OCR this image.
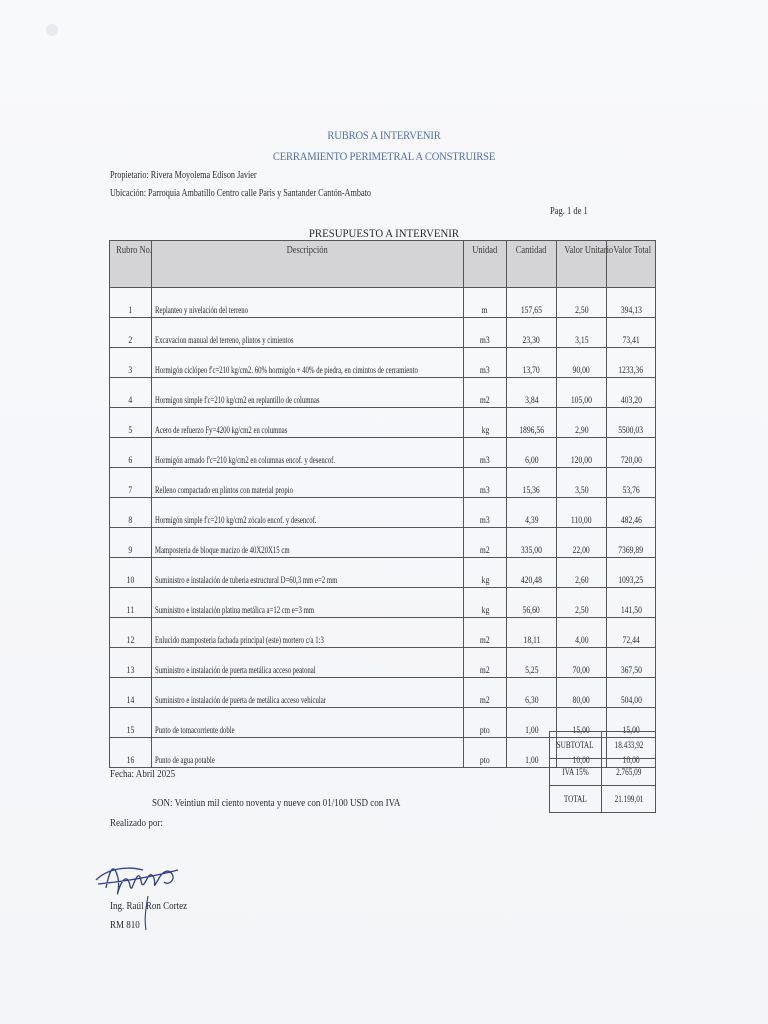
RUBROS A INTERVENIR
CERRAMIENTO PERIMETRAL A CONSTRUIRSE
Propietario: Rivera Moyolema Edison Javier
Ubicación: Parroquia Ambatillo Centro calle Paris y Santander Cantón-Ambato
Pag. 1 de 1
PRESUPUESTO A INTERVENIR
Rubro No.	Descripción	Unidad	Cantidad	Valor Unitario	Valor Total
1	Replanteo y nivelación del terreno	m	157,65	2,50	394,13
2	Excavacion manual del terreno, plintos y cimientos	m3	23,30	3,15	73,41
3	Hormigón ciclópeo f'c=210 kg/cm2. 60% hormigón + 40% de piedra, en cimintos de cerramiento	m3	13,70	90,00	1233,36
4	Hormigon simple f'c=210 kg/cm2 en replantillo de columnas	m2	3,84	105,00	403,20
5	Acero de refuerzo Fy=4200 kg/cm2 en columnas	kg	1896,56	2,90	5500,03
6	Hormigón armado f'c=210 kg/cm2 en columnas encof. y desencof.	m3	6,00	120,00	720,00
7	Relleno compactado en plintos con material propio	m3	15,36	3,50	53,76
8	Hormigón simple f'c=210 kg/cm2 zócalo encof. y desencof.	m3	4,39	110,00	482,46
9	Mamposteria de bloque macizo de 40X20X15 cm	m2	335,00	22,00	7369,89
10	Suministro e instalación de tuberia estructural D=60,3 mm e=2 mm	kg	420,48	2,60	1093,25
11	Suministro e instalación platina metálica a=12 cm e=3 mm	kg	56,60	2,50	141,50
12	Enlucido mamposteria fachada principal (este) mortero c/a 1:3	m2	18,11	4,00	72,44
13	Suministro e instalación de puerta metálica acceso peatonal	m2	5,25	70,00	367,50
14	Suministro e instalación de puerta de metálica acceso vehicular	m2	6,30	80,00	504,00
15	Punto de tomacorriente doble	pto	1,00	15,00	15,00
16	Punto de agua potable	pto	1,00	10,00	10,00
SUBTOTAL	18.433,92
IVA 15%	2.765,09
TOTAL	21.199,01
Fecha: Abril 2025
SON: Veintiun mil ciento noventa y nueve con 01/100 USD con IVA
Realizado por:
Ing. Raúl Ron Cortez
RM 810
